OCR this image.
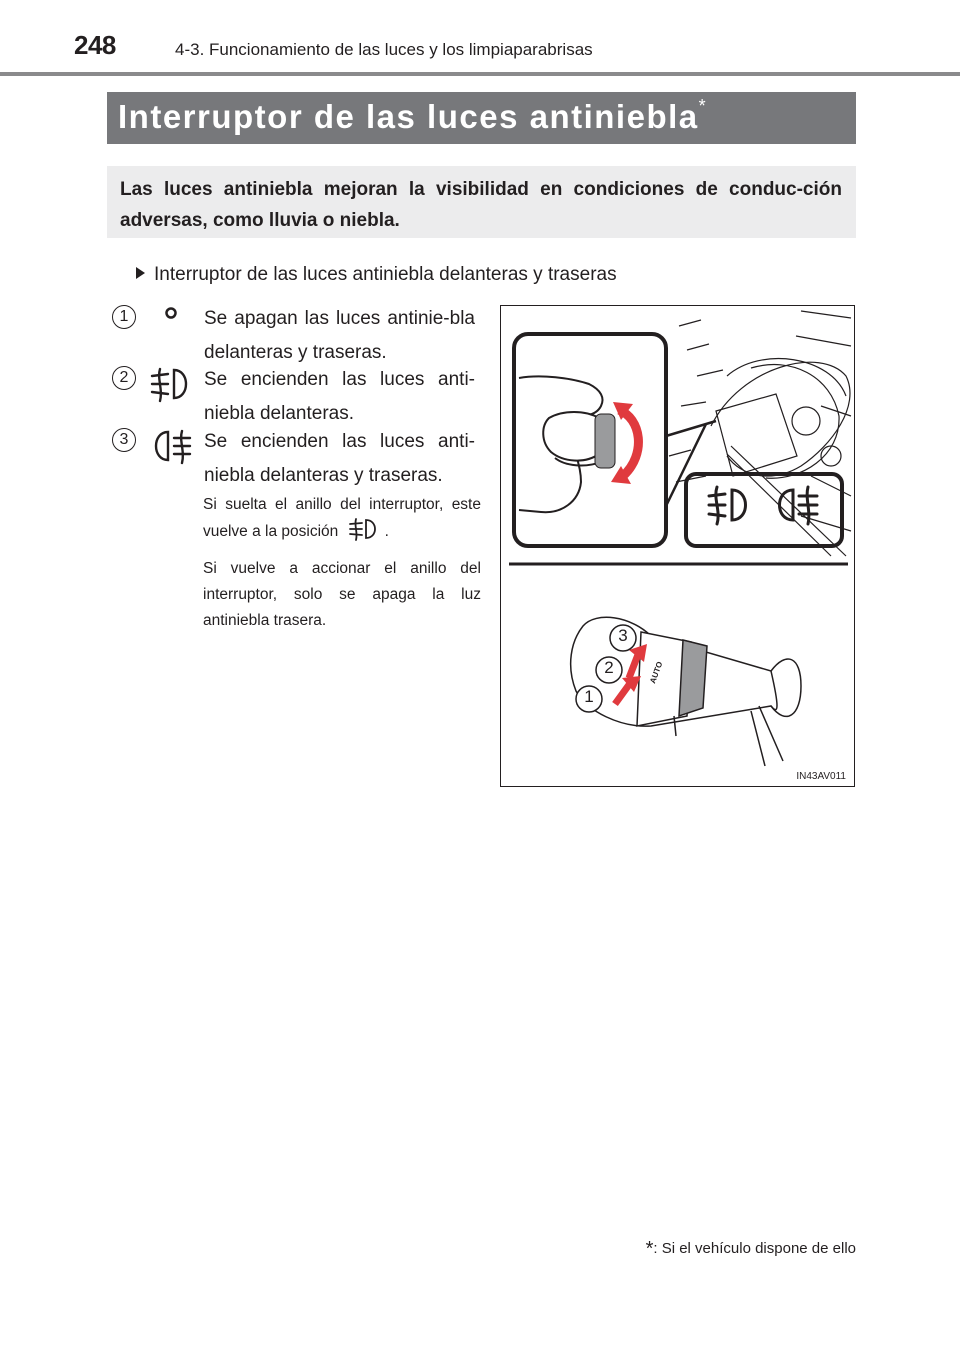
248	4-3. Funcionamiento de las luces y los limpiaparabrisas
Interruptor de las luces antiniebla*
Las luces antiniebla mejoran la visibilidad en condiciones de conduc-ción adversas, como lluvia o niebla.
Interruptor de las luces antiniebla delanteras y traseras
1	Se apagan las luces antinie-bla delanteras y traseras.
2	Se encienden las luces anti-niebla delanteras.
3	Se encienden las luces anti-niebla delanteras y traseras.
Si suelta el anillo del interruptor, este vuelve a la posición	.
Si vuelve a accionar el anillo del interruptor, solo se apaga la luz antiniebla trasera.
1
2
3
AUTO
IN43AV011
*: Si el vehículo dispone de ello
